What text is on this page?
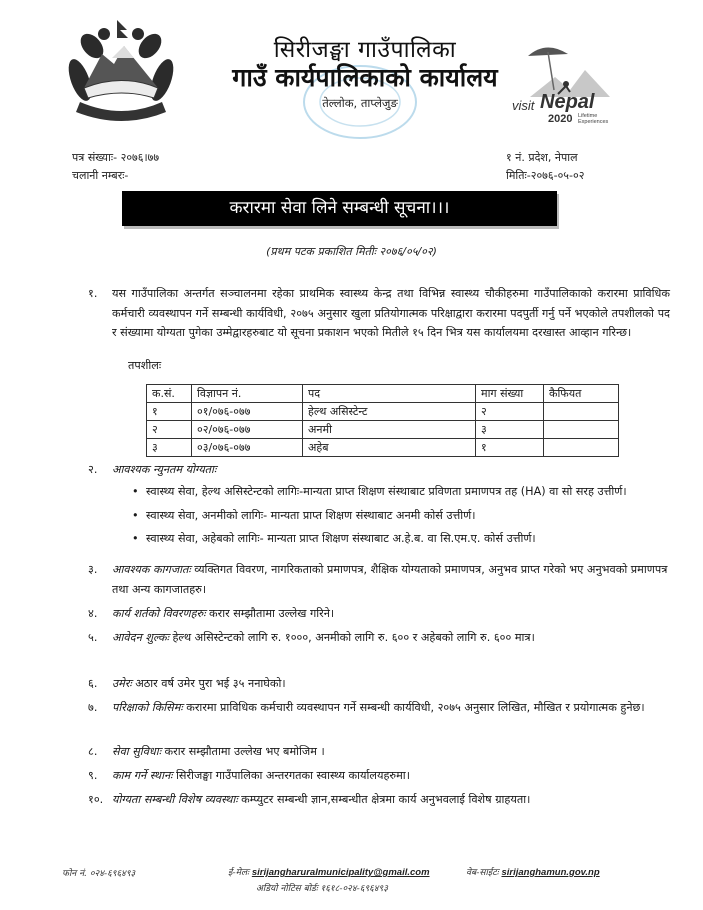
सिरीजङ्घा गाउँपालिका
गाउँ कार्यपालिकाको कार्यालय
तेल्लोक, ताप्लेजुङ	visit Nepal
2020 Lifetime
Experiences
पत्र संख्याः- २०७६।७७
चलानी नम्बरः-
१ नं. प्रदेश, नेपाल
मितिः-२०७६-०५-०२
करारमा सेवा लिने सम्बन्धी सूचना।।।
(प्रथम पटक प्रकाशित मितीः २०७६/०५/०२)
१.	यस गाउँपालिका अन्तर्गत सञ्चालनमा रहेका प्राथमिक स्वास्थ्य केन्द्र तथा विभिन्न स्वास्थ्य चौकीहरुमा गाउँपालिकाको करारमा प्राविधिक कर्मचारी व्यवस्थापन गर्ने सम्बन्धी कार्यविधी, २०७५ अनुसार खुला प्रतियोगात्मक परिक्षाद्वारा करारमा पदपुर्ती गर्नु पर्ने भएकोले तपशीलको पद र संख्यामा योग्यता पुगेका उम्मेद्वारहरुबाट यो सूचना प्रकाशन भएको मितीले १५ दिन भित्र यस कार्यालयमा दरखास्त आव्हान गरिन्छ।
तपशीलः
क.सं.	विज्ञापन नं.	पद	माग संख्या	कैफियत
१	०१/०७६-०७७	हेल्थ असिस्टेन्ट	२	
२	०२/०७६-०७७	अनमी	३	
३	०३/०७६-०७७	अहेब	१	
२. आवश्यक न्युनतम योग्यताः
• स्वास्थ्य सेवा, हेल्थ असिस्टेन्टको लागिः-मान्यता प्राप्त शिक्षण संस्थाबाट प्रविणता प्रमाणपत्र तह (HA) वा सो सरह उत्तीर्ण।
• स्वास्थ्य सेवा, अनमीको लागिः- मान्यता प्राप्त शिक्षण संस्थाबाट अनमी कोर्स उत्तीर्ण।
• स्वास्थ्य सेवा, अहेबको लागिः- मान्यता प्राप्त शिक्षण संस्थाबाट अ.हे.ब. वा सि.एम.ए. कोर्स उत्तीर्ण।
३.	आवश्यक कागजातः व्यक्तिगत विवरण, नागरिकताको प्रमाणपत्र, शैक्षिक योग्यताको प्रमाणपत्र, अनुभव प्राप्त गरेको भए अनुभवको प्रमाणपत्र तथा अन्य कागजातहरु।
४.	कार्य शर्तको विवरणहरुः करार सम्झौतामा उल्लेख गरिने।
५.	आवेदन शुल्कः हेल्थ असिस्टेन्टको लागि रु. १०००, अनमीको लागि रु. ६०० र अहेबको लागि रु. ६०० मात्र।
६.	उमेरः अठार वर्ष उमेर पुरा भई ३५ ननाघेको।
७.	परिक्षाको किसिमः करारमा प्राविधिक कर्मचारी व्यवस्थापन गर्ने सम्बन्धी कार्यविधी, २०७५ अनुसार लिखित, मौखित र प्रयोगात्मक हुनेछ।
८.	सेवा सुविधाः करार सम्झौतामा उल्लेख भए बमोजिम ।
९.	काम गर्ने स्थानः सिरीजङ्घा गाउँपालिका अन्तरगतका स्वास्थ्य कार्यालयहरुमा।
१०. योग्यता सम्बन्धी विशेष व्यवस्थाः कम्प्युटर सम्बन्धी ज्ञान,सम्बन्धीत क्षेत्रमा कार्य अनुभवलाई विशेष ग्राहयता।
फोन नं. ०२४-६९६४९३	ई-मेलः sirijangharuralmunicipality@gmail.com
अडियो नोटिस बोर्डः १६१८-०२४-६९६४९३
वेब-साईटः sirijanghamun.gov.np
